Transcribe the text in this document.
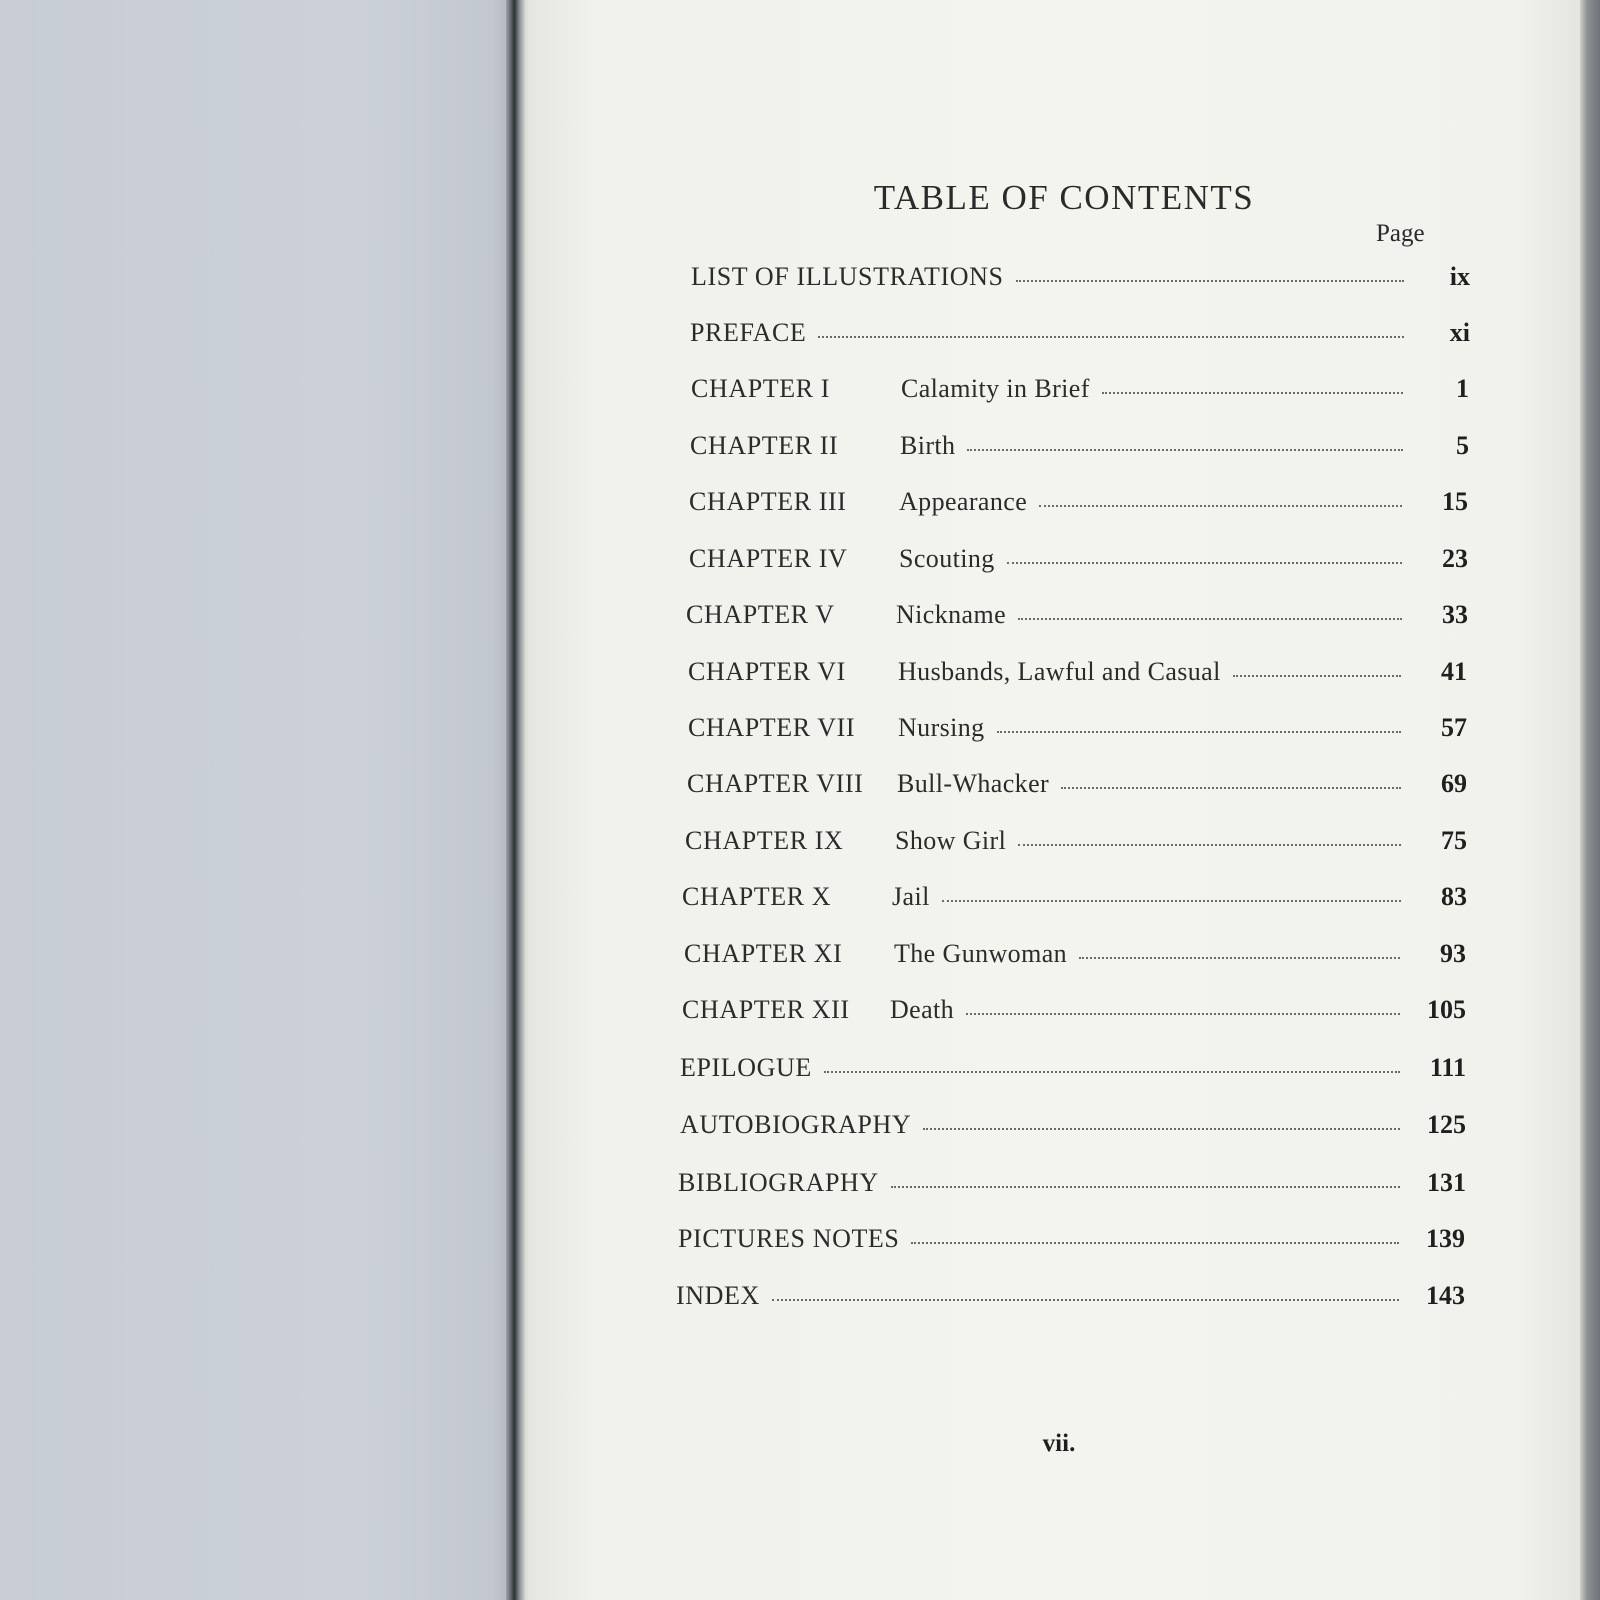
TABLE OF CONTENTS
Page
LIST OF ILLUSTRATIONS	ix
PREFACE	xi
CHAPTER I	Calamity in Brief	1
CHAPTER II	Birth	5
CHAPTER III	Appearance	15
CHAPTER IV	Scouting	23
CHAPTER V	Nickname	33
CHAPTER VI	Husbands, Lawful and Casual	41
CHAPTER VII	Nursing	57
CHAPTER VIII	Bull-Whacker	69
CHAPTER IX	Show Girl	75
CHAPTER X	Jail	83
CHAPTER XI	The Gunwoman	93
CHAPTER XII	Death	105
EPILOGUE	111
AUTOBIOGRAPHY	125
BIBLIOGRAPHY	131
PICTURES NOTES	139
INDEX	143
vii.
